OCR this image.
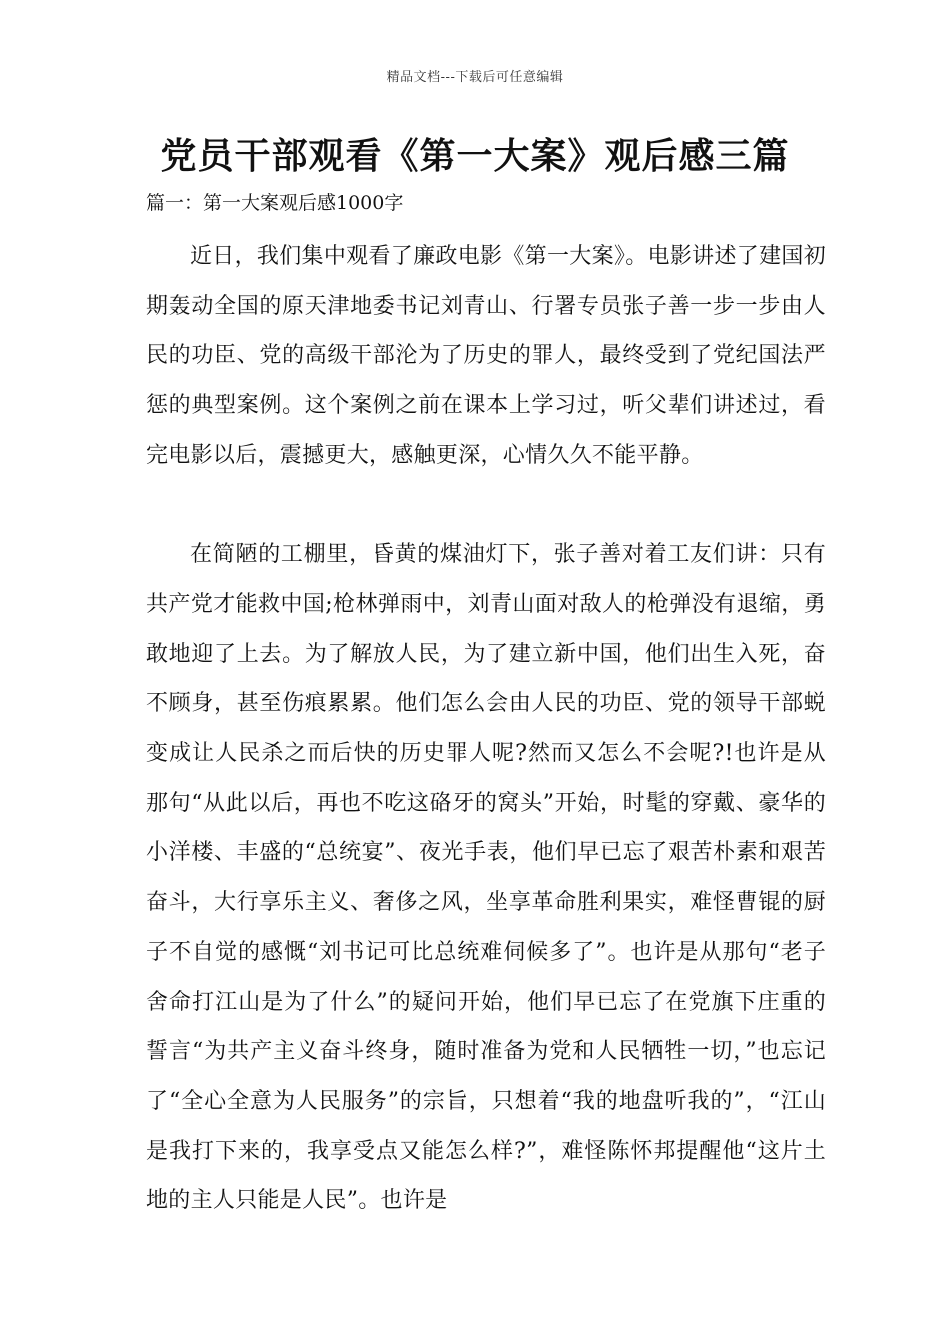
精品文档---下载后可任意编辑
党员干部观看《第一大案》观后感三篇
篇一：第一大案观后感1000字

近日，我们集中观看了廉政电影《第一大案》。电影讲述了建国初期轰动全国的原天津地委书记刘青山、行署专员张子善一步一步由人民的功臣、党的高级干部沦为了历史的罪人，最终受到了党纪国法严惩的典型案例。这个案例之前在课本上学习过，听父辈们讲述过，看完电影以后，震撼更大，感触更深，心情久久不能平静。

在简陋的工棚里，昏黄的煤油灯下，张子善对着工友们讲：只有共产党才能救中国;枪林弹雨中，刘青山面对敌人的枪弹没有退缩，勇敢地迎了上去。为了解放人民，为了建立新中国，他们出生入死，奋不顾身，甚至伤痕累累。他们怎么会由人民的功臣、党的领导干部蜕变成让人民杀之而后快的历史罪人呢?然而又怎么不会呢?!也许是从那句“从此以后，再也不吃这硌牙的窝头”开始，时髦的穿戴、豪华的小洋楼、丰盛的“总统宴”、夜光手表，他们早已忘了艰苦朴素和艰苦奋斗，大行享乐主义、奢侈之风，坐享革命胜利果实，难怪曹锟的厨子不自觉的感慨“刘书记可比总统难伺候多了”。也许是从那句“老子舍命打江山是为了什么”的疑问开始，他们早已忘了在党旗下庄重的誓言“为共产主义奋斗终身，随时准备为党和人民牺牲一切，”也忘记了“全心全意为人民服务”的宗旨，只想着“我的地盘听我的”，“江山是我打下来的，我享受点又能怎么样?”，难怪陈怀邦提醒他“这片土地的主人只能是人民”。也许是
